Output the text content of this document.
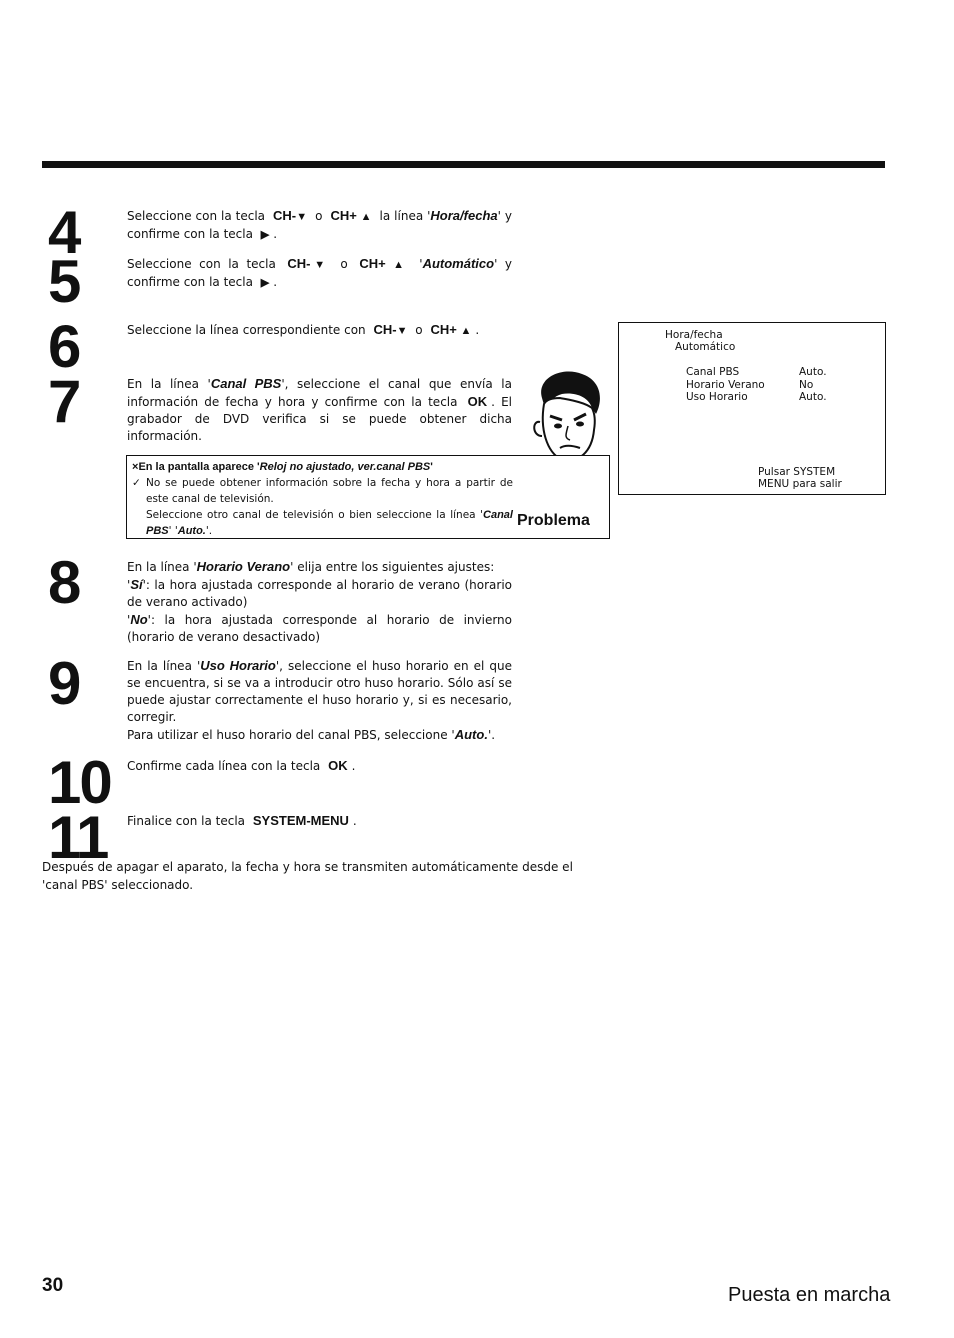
4
5
6
7
8
9
10
11
Seleccione con la tecla CH-▼ o CH+ ▲ la línea 'Hora/fecha' y confirme con la tecla ▶ .
Seleccione con la tecla CH-▼ o CH+ ▲ 'Automático' y confirme con la tecla ▶ .
Seleccione la línea correspondiente con CH-▼ o CH+ ▲ .
En la línea 'Canal PBS', seleccione el canal que envía la información de fecha y hora y confirme con la tecla OK . El grabador de DVD verifica si se puede obtener dicha información.
×En la pantalla aparece 'Reloj no ajustado, ver.canal PBS'
✓ No se puede obtener información sobre la fecha y hora a partir de este canal de televisión.
Seleccione otro canal de televisión o bien seleccione la línea 'Canal PBS' 'Auto.'.
Problema
Hora/fecha
Automático
Canal PBS	Auto.
Horario Verano	No
Uso Horario	Auto.
Pulsar SYSTEM
MENU para salir
En la línea 'Horario Verano' elija entre los siguientes ajustes:
'Sí': la hora ajustada corresponde al horario de verano (horario de verano activado)
'No': la hora ajustada corresponde al horario de invierno (horario de verano desactivado)
En la línea 'Uso Horario', seleccione el huso horario en el que se encuentra, si se va a introducir otro huso horario. Sólo así se puede ajustar correctamente el huso horario y, si es necesario, corregir.
Para utilizar el huso horario del canal PBS, seleccione 'Auto.'.
Confirme cada línea con la tecla OK .
Finalice con la tecla SYSTEM-MENU .
Después de apagar el aparato, la fecha y hora se transmiten automáticamente desde el 'canal PBS' seleccionado.
30	Puesta en marcha
